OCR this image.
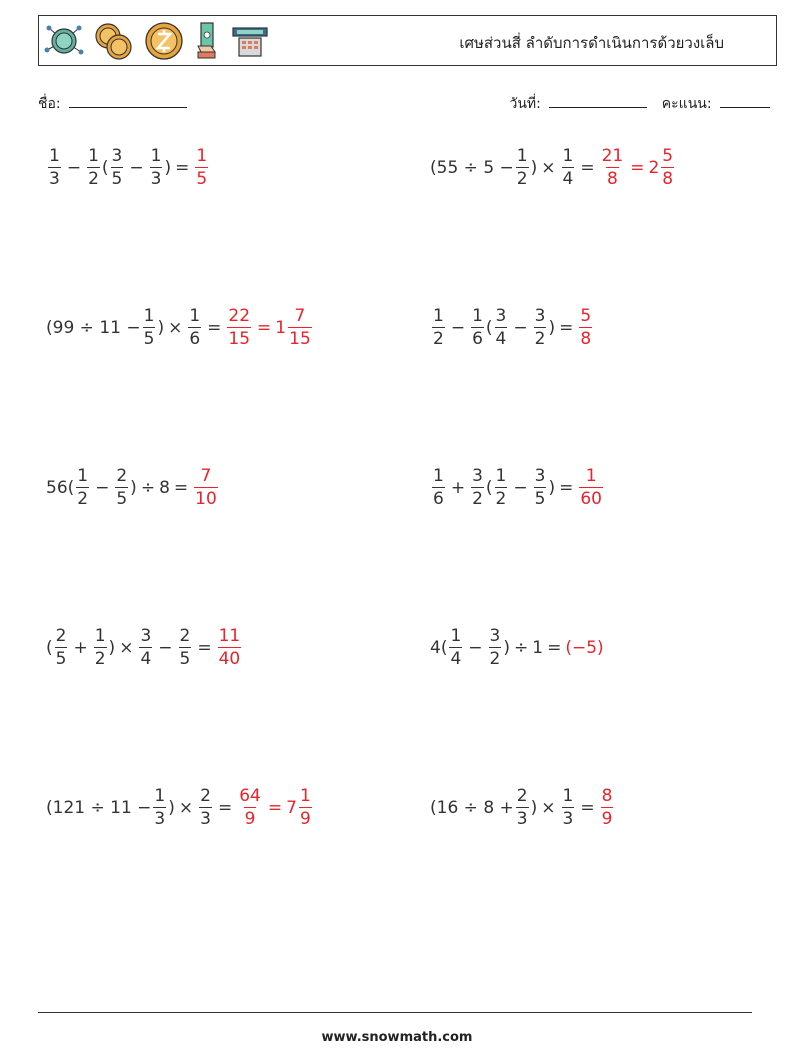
เศษส่วนสี่ ลำดับการดำเนินการด้วยวงเล็บ
ชื่อ:	วันที่:	คะแนน:
$\frac{1}{3} - \frac{1}{2}$ ( $\frac{3}{5} - \frac{1}{3}$ ) = $\frac{1}{5}$	($55 \div 5 - \frac{1}{2}$ ) × $\frac{1}{4} = \frac{21}{8} = 2 \frac{5}{8}$
($99 \div 11 - \frac{1}{5}$ ) × $\frac{1}{6} = \frac{22}{15} = 1 \frac{7}{15}$	$\frac{1}{2} - \frac{1}{6}$ ( $\frac{3}{4} - \frac{3}{2}$ ) = $\frac{5}{8}$
$56( \frac{1}{2} - \frac{2}{5}$ ) ÷ $8 = \frac{7}{10}$	$\frac{1}{6} + \frac{3}{2}$ ( $\frac{1}{2} - \frac{3}{5}$ ) = $\frac{1}{60}$
( $\frac{2}{5} + \frac{1}{2}$ ) × $\frac{3}{4} - \frac{2}{5} = \frac{11}{40}$	$4( \frac{1}{4} - \frac{3}{2}$ ) ÷ 1 = (−5)
($121 \div 11 - \frac{1}{3}$ ) × $\frac{2}{3} = \frac{64}{9} = 7 \frac{1}{9}$	($16 \div 8 + \frac{2}{3}$ ) × $\frac{1}{3} = \frac{8}{9}$
www.snowmath.com
